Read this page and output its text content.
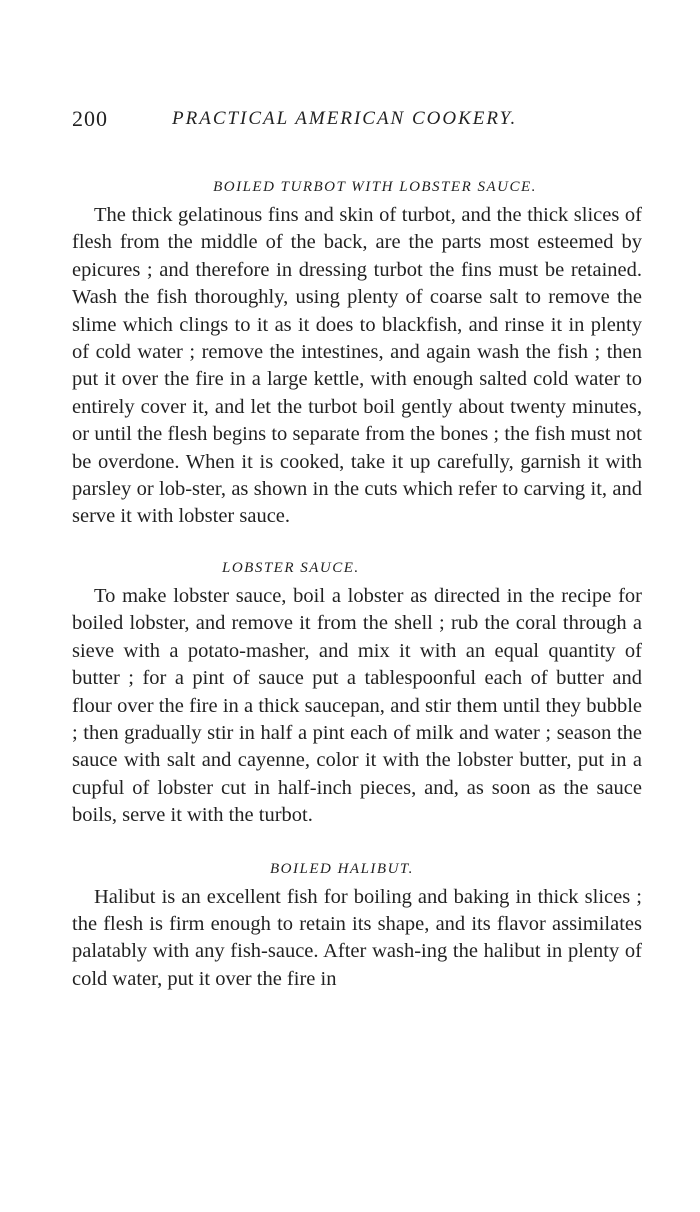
200	PRACTICAL AMERICAN COOKERY.
BOILED TURBOT WITH LOBSTER SAUCE.

The thick gelatinous fins and skin of turbot, and the thick slices of flesh from the middle of the back, are the parts most esteemed by epicures ; and therefore in dressing turbot the fins must be retained. Wash the fish thoroughly, using plenty of coarse salt to remove the slime which clings to it as it does to blackfish, and rinse it in plenty of cold water ; remove the intestines, and again wash the fish ; then put it over the fire in a large kettle, with enough salted cold water to entirely cover it, and let the turbot boil gently about twenty minutes, or until the flesh begins to separate from the bones ; the fish must not be overdone. When it is cooked, take it up carefully, garnish it with parsley or lob-ster, as shown in the cuts which refer to carving it, and serve it with lobster sauce.

LOBSTER SAUCE.

To make lobster sauce, boil a lobster as directed in the recipe for boiled lobster, and remove it from the shell ; rub the coral through a sieve with a potato-masher, and mix it with an equal quantity of butter ; for a pint of sauce put a tablespoonful each of butter and flour over the fire in a thick saucepan, and stir them until they bubble ; then gradually stir in half a pint each of milk and water ; season the sauce with salt and cayenne, color it with the lobster butter, put in a cupful of lobster cut in half-inch pieces, and, as soon as the sauce boils, serve it with the turbot.

BOILED HALIBUT.

Halibut is an excellent fish for boiling and baking in thick slices ; the flesh is firm enough to retain its shape, and its flavor assimilates palatably with any fish-sauce. After wash-ing the halibut in plenty of cold water, put it over the fire in
